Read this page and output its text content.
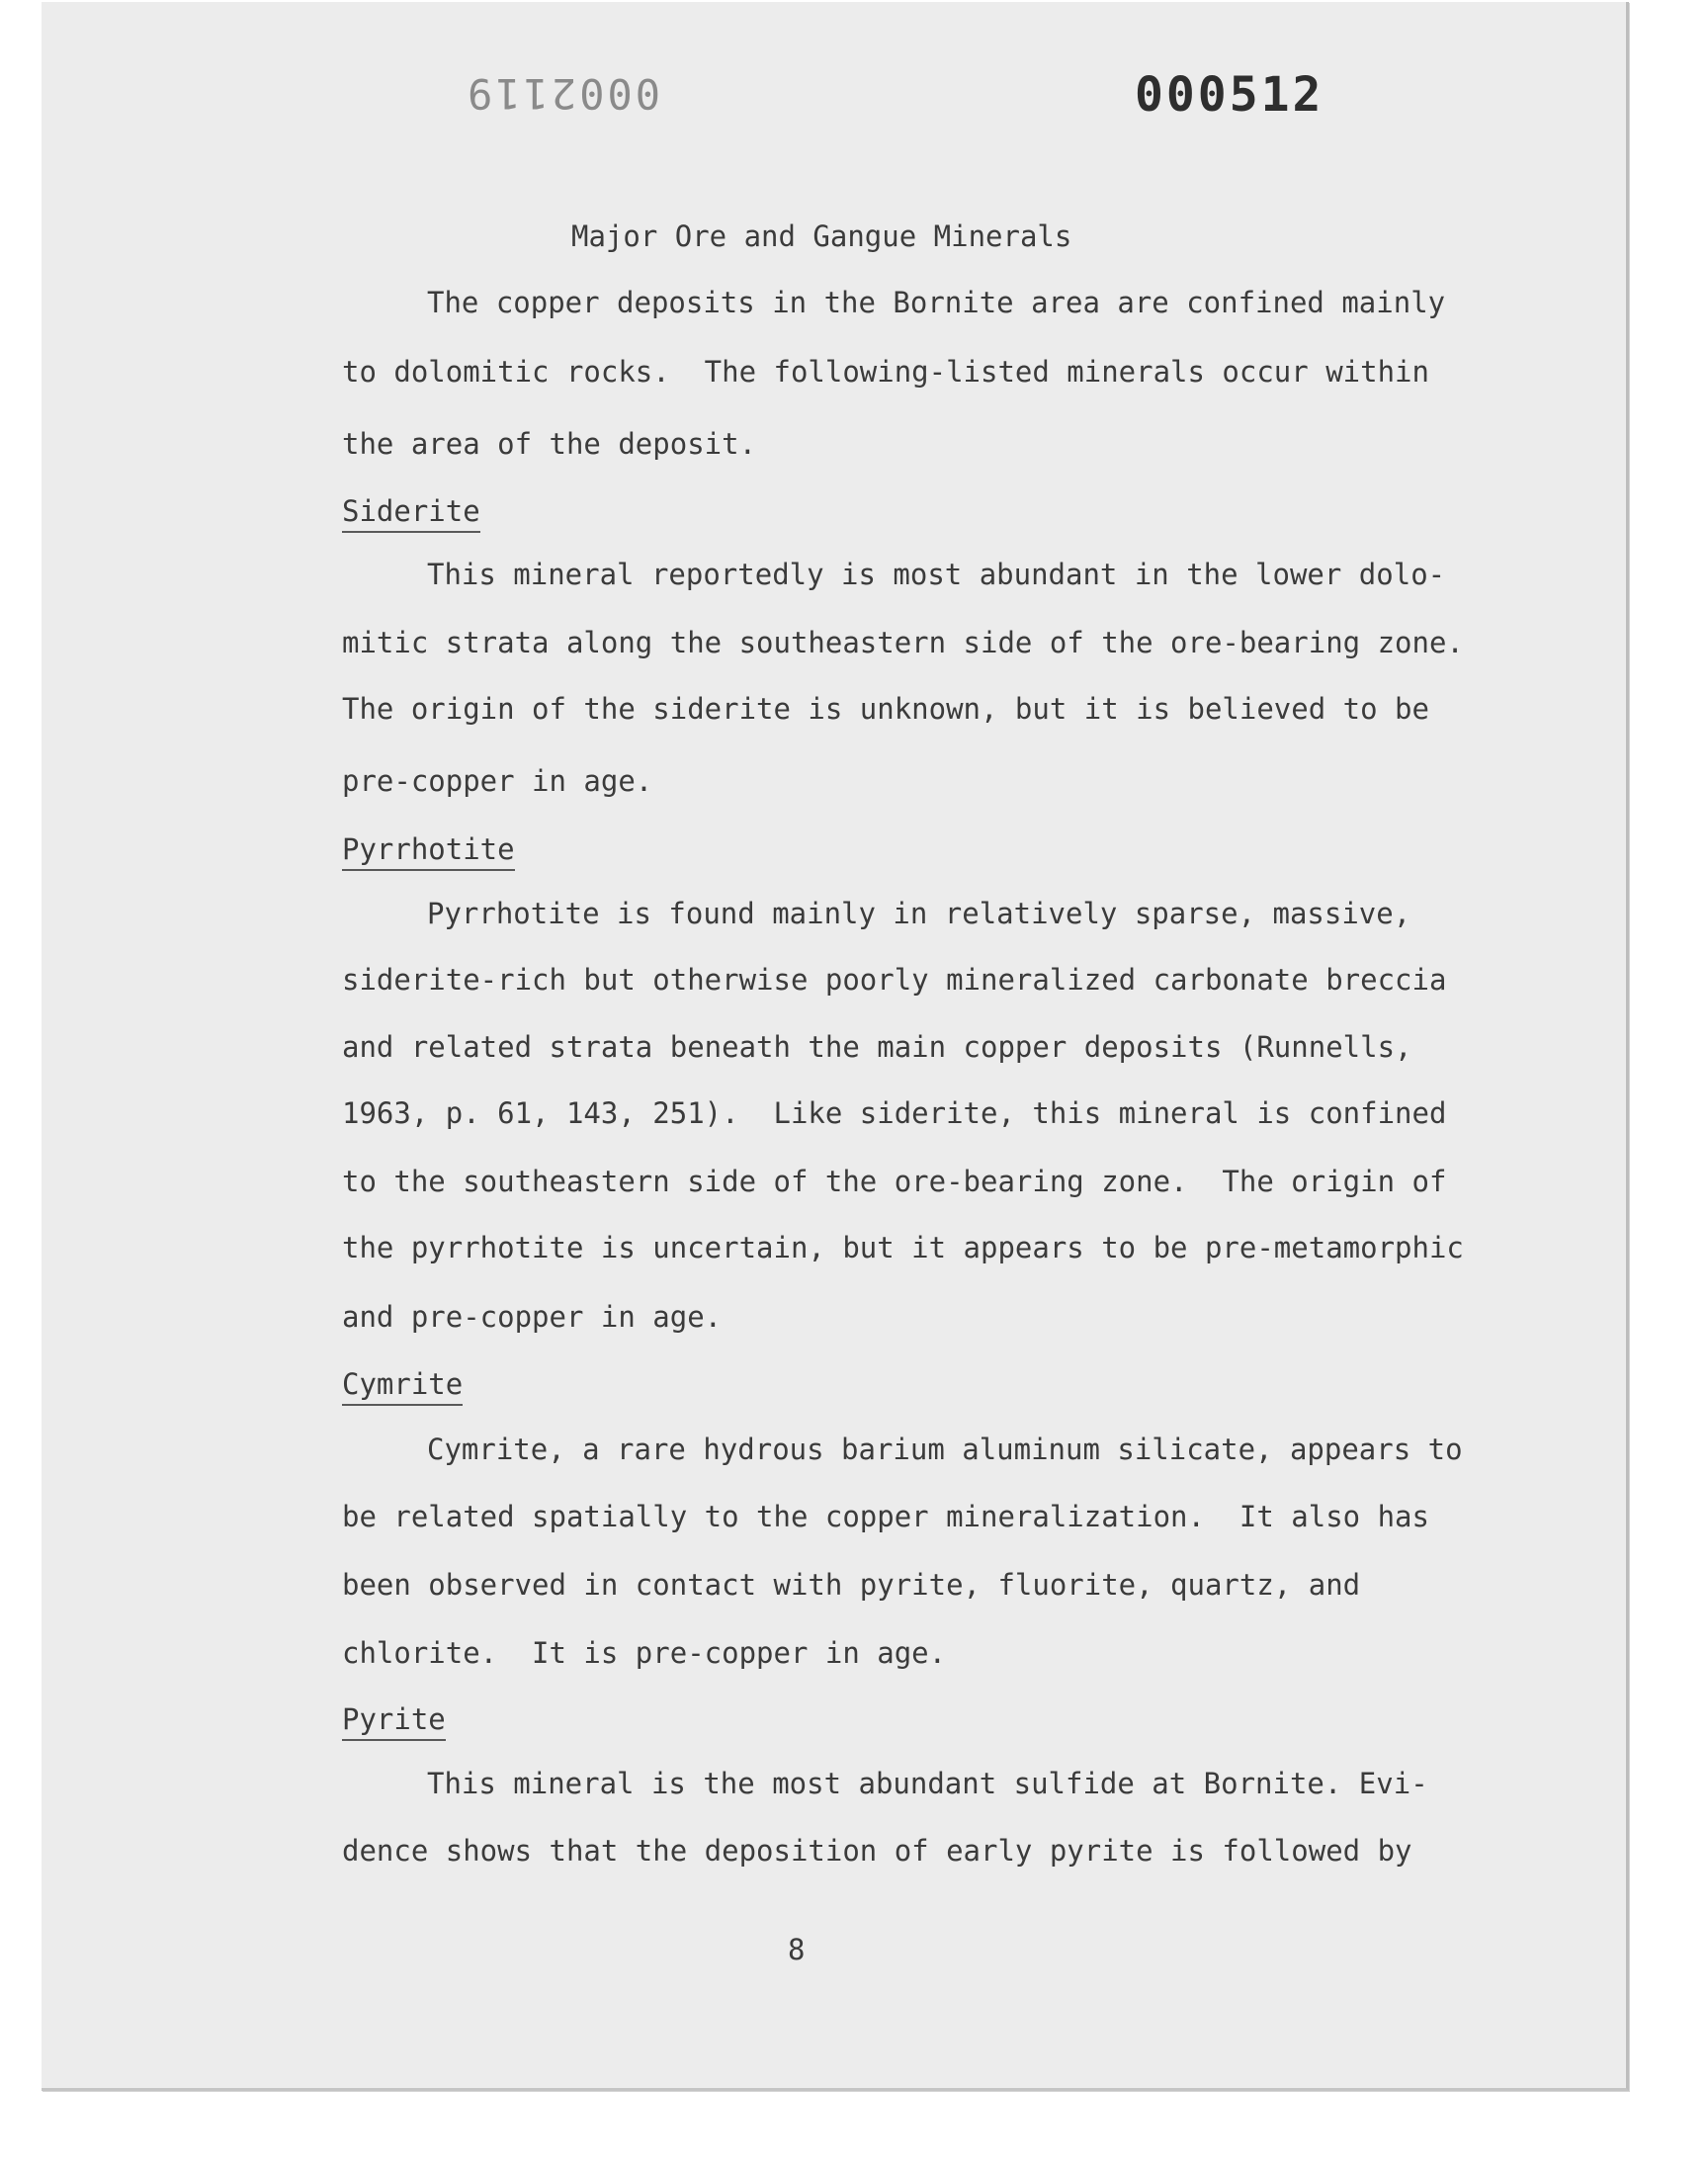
0002119	000512
Major Ore and Gangue Minerals
The copper deposits in the Bornite area are confined mainly
to dolomitic rocks.  The following-listed minerals occur within
the area of the deposit.
Siderite
This mineral reportedly is most abundant in the lower dolo-
mitic strata along the southeastern side of the ore-bearing zone.
The origin of the siderite is unknown, but it is believed to be
pre-copper in age.
Pyrrhotite
Pyrrhotite is found mainly in relatively sparse, massive,
siderite-rich but otherwise poorly mineralized carbonate breccia
and related strata beneath the main copper deposits (Runnells,
1963, p. 61, 143, 251).  Like siderite, this mineral is confined
to the southeastern side of the ore-bearing zone.  The origin of
the pyrrhotite is uncertain, but it appears to be pre-metamorphic
and pre-copper in age.
Cymrite
Cymrite, a rare hydrous barium aluminum silicate, appears to
be related spatially to the copper mineralization.  It also has
been observed in contact with pyrite, fluorite, quartz, and
chlorite.  It is pre-copper in age.
Pyrite
This mineral is the most abundant sulfide at Bornite. Evi-
dence shows that the deposition of early pyrite is followed by
8
